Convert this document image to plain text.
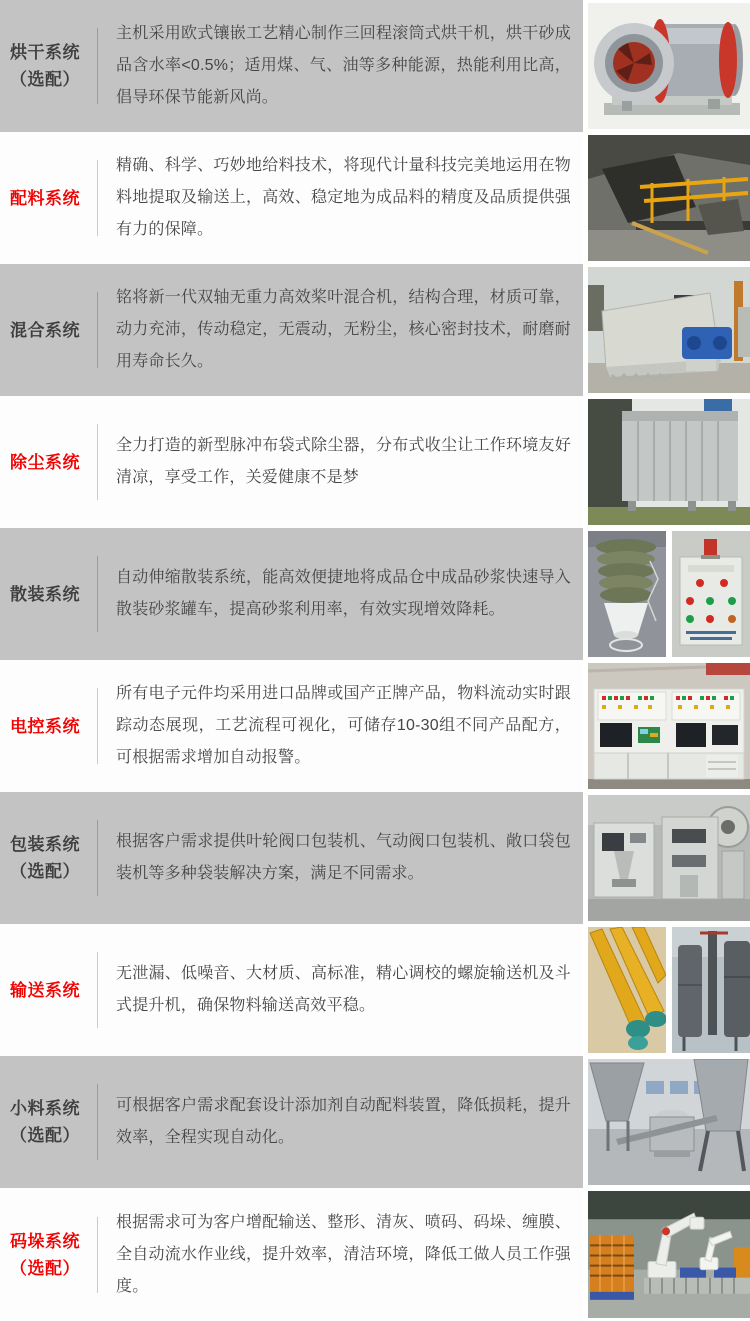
烘干系统
（选配）
主机采用欧式镶嵌工艺精心制作三回程滚筒式烘干机，烘干砂成品含水率<0.5%；适用煤、气、油等多种能源，热能利用比高，倡导环保节能新风尚。
配料系统
精确、科学、巧妙地给料技术，将现代计量科技完美地运用在物料地提取及输送上，高效、稳定地为成品料的精度及品质提供强有力的保障。
混合系统
铭将新一代双轴无重力高效桨叶混合机，结构合理，材质可靠，动力充沛，传动稳定，无震动，无粉尘，核心密封技术，耐磨耐用寿命长久。
除尘系统
全力打造的新型脉冲布袋式除尘器，分布式收尘让工作环境友好清凉，享受工作，关爱健康不是梦
散装系统
自动伸缩散装系统，能高效便捷地将成品仓中成品砂浆快速导入散装砂浆罐车，提高砂浆利用率，有效实现增效降耗。
电控系统
所有电子元件均采用进口品牌或国产正牌产品，物料流动实时跟踪动态展现，工艺流程可视化，可储存10-30组不同产品配方，可根据需求增加自动报警。
包装系统
（选配）
根据客户需求提供叶轮阀口包装机、气动阀口包装机、敞口袋包装机等多种袋装解决方案，满足不同需求。
输送系统
无泄漏、低噪音、大材质、高标准，精心调校的螺旋输送机及斗式提升机，确保物料输送高效平稳。
小料系统
（选配）
可根据客户需求配套设计添加剂自动配料装置，降低损耗，提升效率，全程实现自动化。
码垛系统
（选配）
根据需求可为客户增配输送、整形、清灰、喷码、码垛、缠膜、全自动流水作业线，提升效率，清洁环境，降低工做人员工作强度。
